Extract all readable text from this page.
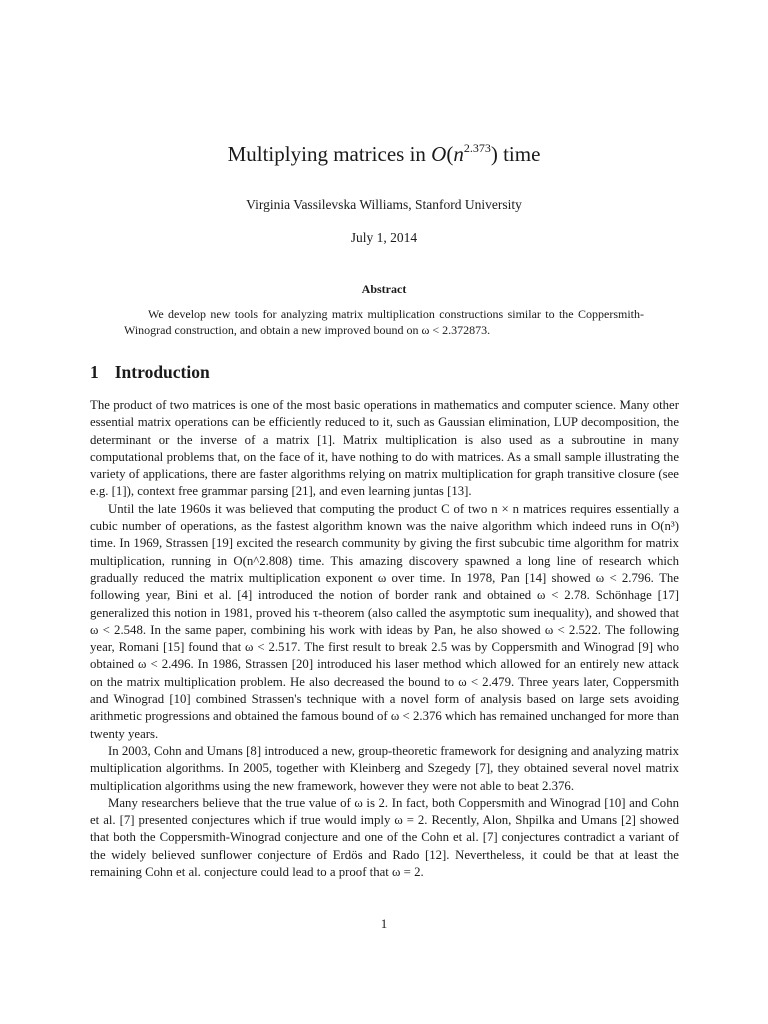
Multiplying matrices in $O(n^{2.373})$ time
Virginia Vassilevska Williams, Stanford University
July 1, 2014
Abstract
We develop new tools for analyzing matrix multiplication constructions similar to the Coppersmith-Winograd construction, and obtain a new improved bound on ω < 2.372873.
1 Introduction

The product of two matrices is one of the most basic operations in mathematics and computer science. Many other essential matrix operations can be efficiently reduced to it, such as Gaussian elimination, LUP decomposition, the determinant or the inverse of a matrix [1]. Matrix multiplication is also used as a subroutine in many computational problems that, on the face of it, have nothing to do with matrices. As a small sample illustrating the variety of applications, there are faster algorithms relying on matrix multiplication for graph transitive closure (see e.g. [1]), context free grammar parsing [21], and even learning juntas [13].

Until the late 1960s it was believed that computing the product C of two n × n matrices requires essentially a cubic number of operations, as the fastest algorithm known was the naive algorithm which indeed runs in O(n³) time. In 1969, Strassen [19] excited the research community by giving the first subcubic time algorithm for matrix multiplication, running in O(n^2.808) time. This amazing discovery spawned a long line of research which gradually reduced the matrix multiplication exponent ω over time. In 1978, Pan [14] showed ω < 2.796. The following year, Bini et al. [4] introduced the notion of border rank and obtained ω < 2.78. Schönhage [17] generalized this notion in 1981, proved his τ-theorem (also called the asymptotic sum inequality), and showed that ω < 2.548. In the same paper, combining his work with ideas by Pan, he also showed ω < 2.522. The following year, Romani [15] found that ω < 2.517. The first result to break 2.5 was by Coppersmith and Winograd [9] who obtained ω < 2.496. In 1986, Strassen [20] introduced his laser method which allowed for an entirely new attack on the matrix multiplication problem. He also decreased the bound to ω < 2.479. Three years later, Coppersmith and Winograd [10] combined Strassen's technique with a novel form of analysis based on large sets avoiding arithmetic progressions and obtained the famous bound of ω < 2.376 which has remained unchanged for more than twenty years.

In 2003, Cohn and Umans [8] introduced a new, group-theoretic framework for designing and analyzing matrix multiplication algorithms. In 2005, together with Kleinberg and Szegedy [7], they obtained several novel matrix multiplication algorithms using the new framework, however they were not able to beat 2.376.

Many researchers believe that the true value of ω is 2. In fact, both Coppersmith and Winograd [10] and Cohn et al. [7] presented conjectures which if true would imply ω = 2. Recently, Alon, Shpilka and Umans [2] showed that both the Coppersmith-Winograd conjecture and one of the Cohn et al. [7] conjectures contradict a variant of the widely believed sunflower conjecture of Erdös and Rado [12]. Nevertheless, it could be that at least the remaining Cohn et al. conjecture could lead to a proof that ω = 2.

1
